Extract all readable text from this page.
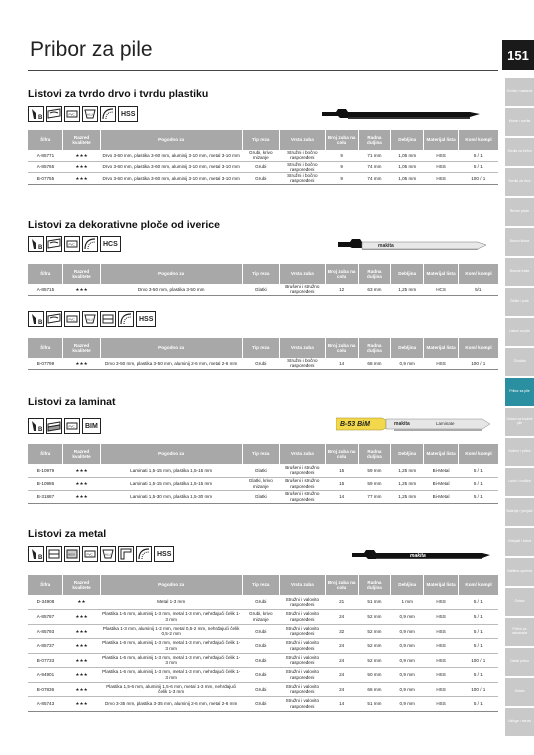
Pribor za pile	151
Svrdla / nastavci
Krune / svrdla
Svrdla za beton
Svrdla za drvo
Rezne ploče
Brusni listovi
Brusne trake
Četke / polir
Listovi za pile
Glodala
Pribor za pile
Listovi za kružne pile
Noževi / pribor
Lanci / vodilice
Baterije / punjači
Odvijači / bitovi
Zaštitna oprema
Ostalo
Pribor za usisavače
Ostali pribor
Ostalo
Usluge / servis
Listovi za tvrdo drvo i tvrdu plastiku
B
PVC	ALU	HSS
Šifra	Razred kvalitete	Pogodno za	Tip reza	Vrsta zuba	Broj zuba na colu	Radna duljina	Debljina	Materijal lista	Kom/ kompl
A-85771	★★★	Drvo 3-60 mm, plastika 3-60 mm, aluminij 3-10 mm, metal 3-10 mm	Grubi, krivo mizanje	Stružni i bočno raspoređeni	9	71 mm	1,05 mm	HSS	5 / 1
A-85765	★★★	Drvo 3-60 mm, plastika 3-60 mm, aluminij 3-10 mm, metal 3-10 mm	Grubi	Stružni i bočno raspoređeni	9	74 mm	1,05 mm	HSS	5 / 1
B-07755	★★★	Drvo 3-60 mm, plastika 3-60 mm, aluminij 3-10 mm, metal 3-10 mm	Grubi	Stružni i bočno raspoređeni	9	74 mm	1,05 mm	HSS	100 / 1
Listovi za dekorativne ploče od iverice
B
PVC	HCS	makita
Šifra	Razred kvalitete	Pogodno za	Tip reza	Vrsta zuba	Broj zuba na colu	Radna duljina	Debljina	Materijal lista	Kom/ kompl
A-85715	★★★	Drvo 3-50 mm, plastika 3-50 mm	Glatki	Brušeni i stružno raspoređeni	12	63 mm	1,25 mm	HCS	5/1
B
PVC	ALU	HSS
Šifra	Razred kvalitete	Pogodno za	Tip reza	Vrsta zuba	Broj zuba na colu	Radna duljina	Debljina	Materijal lista	Kom/ kompl
B-07799	★★★	Drvo 3-50 mm, plastika 3-50 mm, aluminij 2-6 mm, metal 2-6 mm	Grubi	Stružni i bočno raspoređeni	14	68 mm	0,9 mm	HSS	100 / 1
Listovi za laminat
B
PVC	BIM	B-53 BiM	makita	Laminate
Šifra	Razred kvalitete	Pogodno za	Tip reza	Vrsta zuba	Broj zuba na colu	Radna duljina	Debljina	Materijal lista	Kom/ kompl
B-10979	★★★	Laminati 1,5-15 mm, plastika 1,5-15 mm	Glatki	Brušeni i stružno raspoređeni	15	59 mm	1,25 mm	Bi-Metal	5 / 1
B-10986	★★★	Laminati 1,5-15 mm, plastika 1,5-15 mm	Glatki, krivo mizanje	Brušeni i stružno raspoređeni	15	59 mm	1,25 mm	Bi-Metal	5 / 1
B-31887	★★★	Laminati 1,5-30 mm, plastika 1,5-30 mm	Glatki	Brušeni i stružno raspoređeni	14	77 mm	1,25 mm	Bi-Metal	5 / 1
Listovi za metal
B
INOX	PVC	ALU	HSS	makita
Šifra	Razred kvalitete	Pogodno za	Tip reza	Vrsta zuba	Broj zuba na colu	Radna duljina	Debljina	Materijal lista	Kom/ kompl
D-34908	★★	Metal 1-3 mm	Grubi	Stružni i valovito raspoređeni	21	51 mm	1 mm	HSS	5 / 1
A-85787	★★★	Plastika 1-6 mm, aluminij 1-3 mm, metal 1-3 mm, nehrđajući čelik 1-3 mm	Grubi, krivo mizanje	Stružni i valovito raspoređeni	24	52 mm	0,9 mm	HSS	5 / 1
A-85793	★★★	Plastika 1-3 mm, aluminij 1-2 mm, metal 0,5-2 mm, nehrđajući čelik 0,5-2 mm	Grubi	Stružni i valovito raspoređeni	32	52 mm	0,9 mm	HSS	5 / 1
A-85737	★★★	Plastika 1-6 mm, aluminij 1-3 mm, metal 1-3 mm, nehrđajući čelik 1-3 mm	Grubi	Stružni i valovito raspoređeni	24	52 mm	0,9 mm	HSS	5 / 1
B-07733	★★★	Plastika 1-6 mm, aluminij 1-3 mm, metal 1-3 mm, nehrđajući čelik 1-3 mm	Grubi	Stružni i valovito raspoređeni	24	52 mm	0,9 mm	HSS	100 / 1
A-94901	★★★	Plastika 1-6 mm, aluminij 1-3 mm, metal 1-3 mm, nehrđajući čelik 1-3 mm	Grubi	Stružni i valovito raspoređeni	24	50 mm	0,9 mm	HSS	5 / 1
B-07836	★★★	Plastika 1,5-6 mm, aluminij 1,5-6 mm, metal 1-3 mm, nehrđajući čelik 1-3 mm	Grubi	Stružni i valovito raspoređeni	24	66 mm	0,9 mm	HSS	100 / 1
A-85743	★★★	Drvo 3-35 mm, plastika 3-35 mm, aluminij 2-6 mm, metal 2-6 mm	Grubi	Stružni i valovito raspoređeni	14	51 mm	0,9 mm	HSS	5 / 1
